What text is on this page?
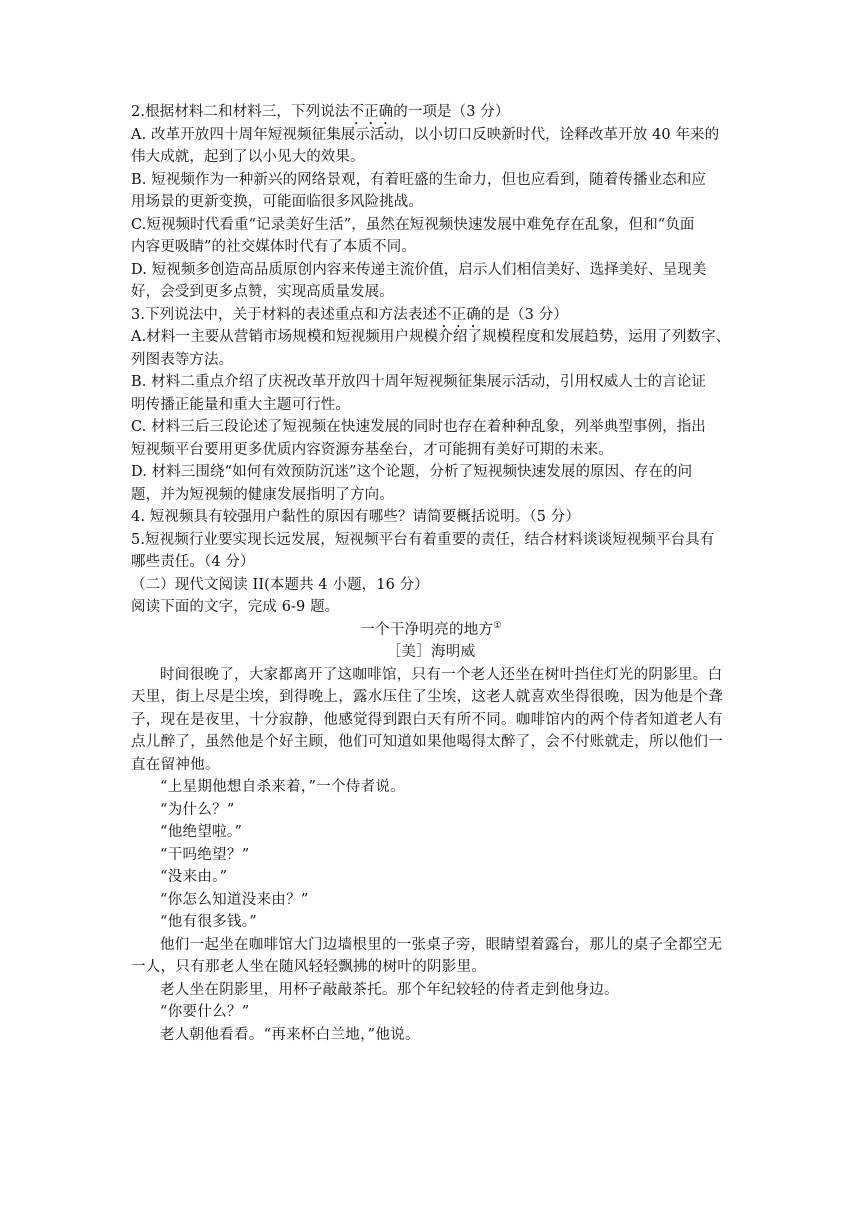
2.根据材料二和材料三，下列说法不正确的一项是（3 分）
A. 改革开放四十周年短视频征集展示活动，以小切口反映新时代，诠释改革开放 40 年来的
伟大成就，起到了以小见大的效果。
B. 短视频作为一种新兴的网络景观，有着旺盛的生命力，但也应看到，随着传播业态和应
用场景的更新变换，可能面临很多风险挑战。
C.短视频时代看重“记录美好生活”，虽然在短视频快速发展中难免存在乱象，但和“负面
内容更吸睛”的社交媒体时代有了本质不同。
D. 短视频多创造高品质原创内容来传递主流价值，启示人们相信美好、选择美好、呈现美
好，会受到更多点赞，实现高质量发展。
3.下列说法中，关于材料的表述重点和方法表述不正确的是（3 分）
A.材料一主要从营销市场规模和短视频用户规模介绍了规模程度和发展趋势，运用了列数字、
列图表等方法。
B. 材料二重点介绍了庆祝改革开放四十周年短视频征集展示活动，引用权威人士的言论证
明传播正能量和重大主题可行性。
C. 材料三后三段论述了短视频在快速发展的同时也存在着种种乱象，列举典型事例，指出
短视频平台要用更多优质内容资源夯基垒台，才可能拥有美好可期的未来。
D. 材料三围绕“如何有效预防沉迷”这个论题，分析了短视频快速发展的原因、存在的问
题，并为短视频的健康发展指明了方向。
4. 短视频具有较强用户黏性的原因有哪些？请简要概括说明。（5 分）
5.短视频行业要实现长远发展，短视频平台有着重要的责任，结合材料谈谈短视频平台具有
哪些责任。（4 分）
（二）现代文阅读 II(本题共 4 小题，16 分）
阅读下面的文字，完成 6-9 题。
一个干净明亮的地方①
［美］海明威
时间很晚了，大家都离开了这咖啡馆，只有一个老人还坐在树叶挡住灯光的阴影里。白
天里，街上尽是尘埃，到得晚上，露水压住了尘埃，这老人就喜欢坐得很晚，因为他是个聋
子，现在是夜里，十分寂静，他感觉得到跟白天有所不同。咖啡馆内的两个侍者知道老人有
点儿醉了，虽然他是个好主顾，他们可知道如果他喝得太醉了，会不付账就走，所以他们一
直在留神他。
“上星期他想自杀来着，”一个侍者说。
“为什么？”
“他绝望啦。”
“干吗绝望？”
“没来由。”
“你怎么知道没来由？”
“他有很多钱。”
他们一起坐在咖啡馆大门边墙根里的一张桌子旁，眼睛望着露台，那儿的桌子全都空无
一人，只有那老人坐在随风轻轻飘拂的树叶的阴影里。
老人坐在阴影里，用杯子敲敲茶托。那个年纪较轻的侍者走到他身边。
“你要什么？”
老人朝他看看。“再来杯白兰地，”他说。
